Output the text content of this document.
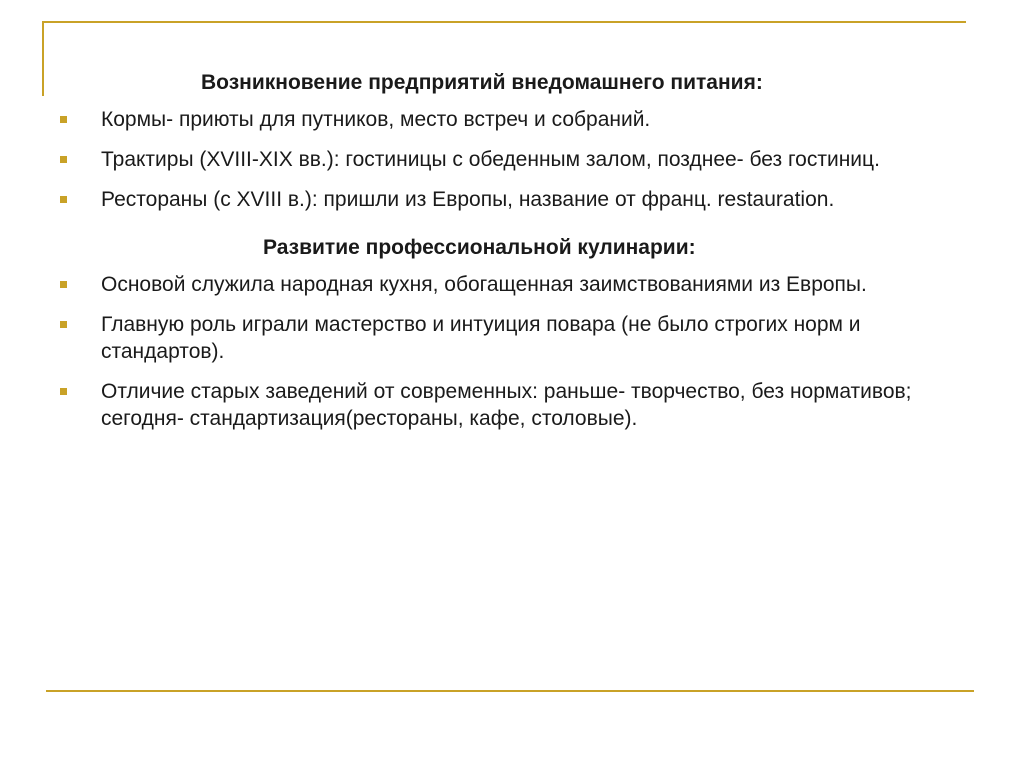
Возникновение предприятий внедомашнего питания:

Кормы- приюты для путников, место встреч и собраний.
Трактиры (XVIII-XIX вв.): гостиницы с обеденным залом, позднее- без гостиниц.
Рестораны (с XVIII в.): пришли из Европы, название от франц. restauration.

Развитие профессиональной кулинарии:

Основой служила народная кухня, обогащенная заимствованиями из Европы.
Главную роль играли мастерство и интуиция повара (не было строгих норм и стандартов).
Отличие старых заведений от современных: раньше- творчество, без нормативов; сегодня- стандартизация(рестораны, кафе, столовые).
